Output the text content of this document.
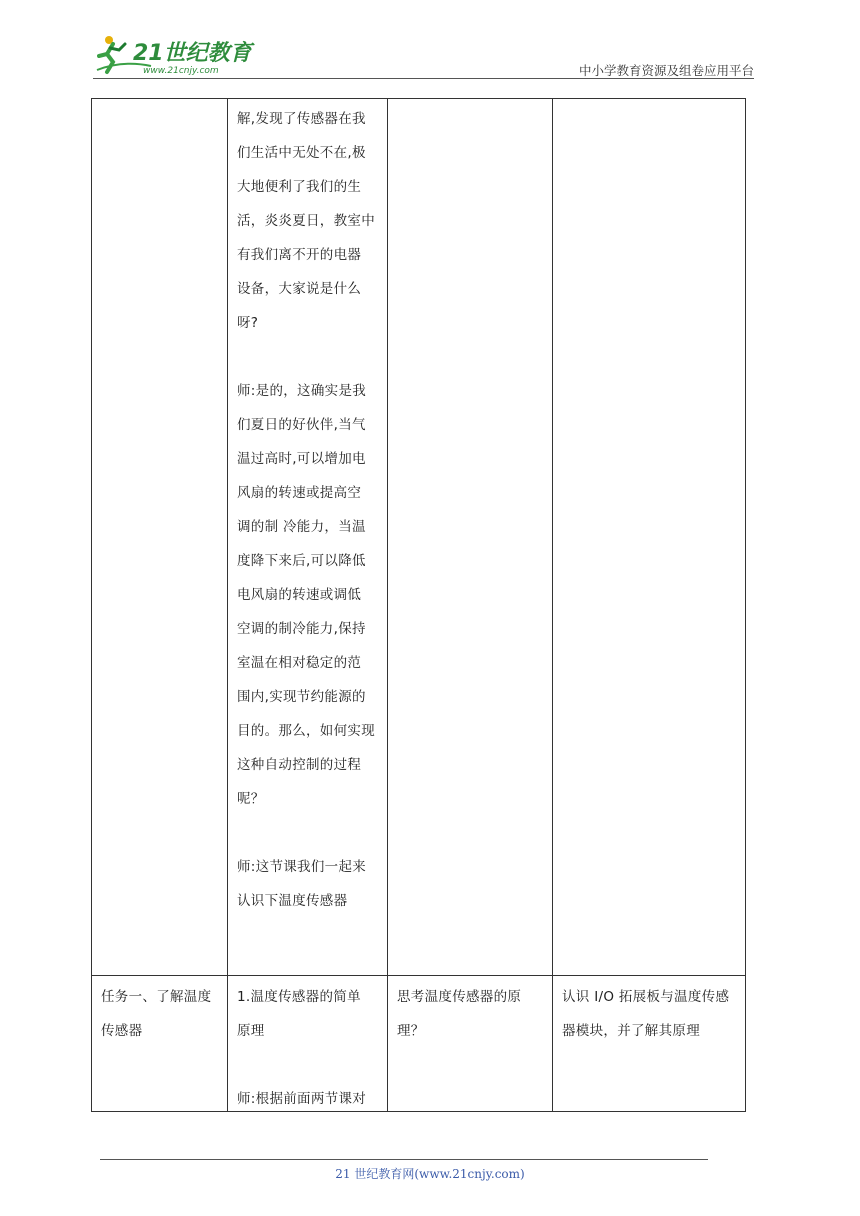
21世纪教育
www.21cnjy.com	中小学教育资源及组卷应用平台

解,发现了传感器在我

们生活中无处不在,极

大地便利了我们的生

活，炎炎夏日，教室中

有我们离不开的电器

设备，大家说是什么

呀?

师:是的，这确实是我

们夏日的好伙伴,当气

温过高时,可以增加电

风扇的转速或提高空

调的制 冷能力，当温

度降下来后,可以降低

电风扇的转速或调低

空调的制冷能力,保持

室温在相对稳定的范

围内,实现节约能源的

目的。那么，如何实现

这种自动控制的过程

呢？

师:这节课我们一起来

认识下温度传感器

任务一、了解温度

传感器

1.温度传感器的简单

原理

师:根据前面两节课对

思考温度传感器的原

理？

认识 I/O 拓展板与温度传感

器模块，并了解其原理

21 世纪教育网(www.21cnjy.com)
